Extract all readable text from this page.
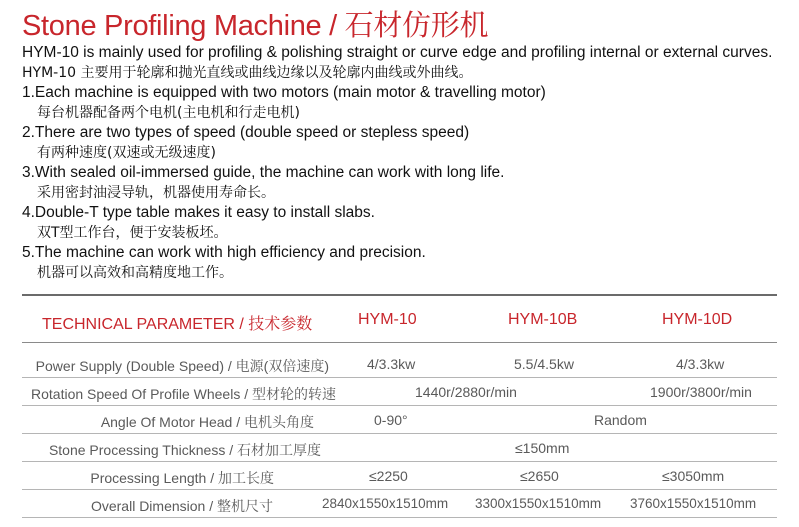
Stone Profiling Machine / 石材仿形机
HYM-10 is mainly used for profiling & polishing straight or curve edge and profiling internal or external curves.
HYM-10 主要用于轮廓和抛光直线或曲线边缘以及轮廓内曲线或外曲线。
1.Each machine is equipped with two motors (main motor & travelling motor)
每台机器配备两个电机(主电机和行走电机)
2.There are two types of speed (double speed or stepless speed)
有两种速度(双速或无级速度)
3.With sealed oil-immersed guide, the machine can work with long life.
采用密封油浸导轨，机器使用寿命长。
4.Double-T type table makes it easy to install slabs.
双T型工作台，便于安装板坯。
5.The machine can work with high efficiency and precision.
机器可以高效和高精度地工作。
TECHNICAL PARAMETER / 技术参数	HYM-10	HYM-10B	HYM-10D
Power Supply (Double Speed) / 电源(双倍速度)	4/3.3kw	5.5/4.5kw	4/3.3kw
Rotation Speed Of Profile Wheels / 型材轮的转速	1440r/2880r/min	1900r/3800r/min
Angle Of Motor Head / 电机头角度	0-90°	Random
Stone Processing Thickness / 石材加工厚度	≤150mm
Processing Length / 加工长度	≤2250	≤2650	≤3050mm
Overall Dimension / 整机尺寸	2840x1550x1510mm 3300x1550x1510mm 3760x1550x1510mm
